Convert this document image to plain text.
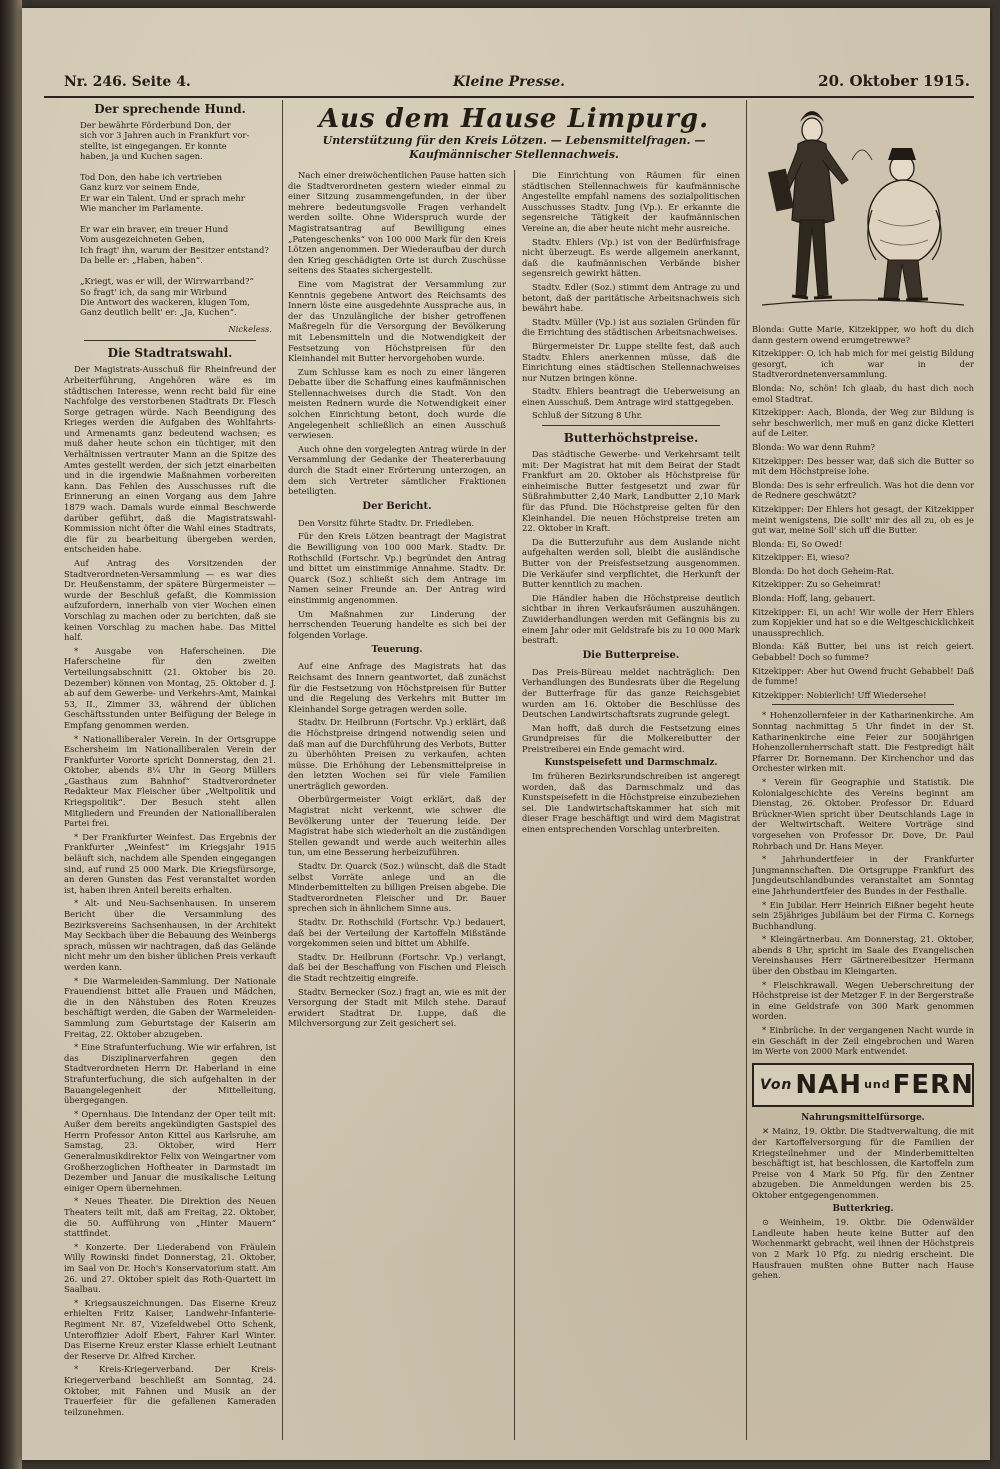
Nr. 246. Seite 4.	Kleine Presse.	20. Oktober 1915.
Der sprechende Hund.
Der bewährte Förderbund Don, der
sich vor 3 Jahren auch in Frankfurt vor-
stellte, ist eingegangen. Er konnte
haben, ja und Kuchen sagen.

Tod Don, den habe ich vertrieben
Ganz kurz vor seinem Ende,
Er war ein Talent. Und er sprach mehr
Wie mancher im Parlamente.

Er war ein braver, ein treuer Hund
Vom ausgezeichneten Geben,
Ich fragt' ihn, warum der Besitzer entstand?
Da belle er: „Haben, haben“.

„Kriegt, was er will, der Wirrwarrband?“
So fragt' ich, da sang mir Wirbund
Die Antwort des wackeren, klugen Tom,
Ganz deutlich bellt' er: „Ja, Kuchen“.
Nickeless.
Die Stadtratswahl.

Der Magistrats-Ausschuß für Rheinfreund der Arbeiterführung, Angehören wäre es im städtischen Interesse, wenn recht bald für eine Nachfolge des verstorbenen Stadtrats Dr. Flesch Sorge getragen würde. Nach Beendigung des Krieges werden die Aufgaben des Wohlfahrts- und Armenamts ganz bedeutend wachsen; es muß daher heute schon ein tüchtiger, mit den Verhältnissen vertrauter Mann an die Spitze des Amtes gestellt werden, der sich jetzt einarbeiten und in die irgendwie Maßnahmen vorbereiten kann. Das Fehlen des Ausschusses ruft die Erinnerung an einen Vorgang aus dem Jahre 1879 wach. Damals wurde einmal Beschwerde darüber geführt, daß die Magistratswahl-Kommission nicht öfter die Wahl eines Stadtrats, die für zu bearbeitung übergeben werden, entscheiden habe.

Auf Antrag des Vorsitzenden der Stadtverordneten-Versammlung — es war dies Dr. Heußenstamm, der spätere Bürgermeister — wurde der Beschluß gefaßt, die Kommission aufzufordern, innerhalb von vier Wochen einen Vorschlag zu machen oder zu berichten, daß sie keinen Vorschlag zu machen habe. Das Mittel half.

* Ausgabe von Haferscheinen. Die Haferscheine für den zweiten Verteilungsabschnitt (21. Oktober bis 20. Dezember) können von Montag, 25. Oktober d. J. ab auf dem Gewerbe- und Verkehrs-Amt, Mainkai 53, II., Zimmer 33, während der üblichen Geschäftsstunden unter Beifügung der Belege in Empfang genommen werden.

* Nationalliberaler Verein. In der Ortsgruppe Eschersheim im Nationalliberalen Verein der Frankfurter Vororte spricht Donnerstag, den 21. Oktober, abends 8¼ Uhr in Georg Müllers „Gasthaus zum Bahnhof“ Stadtverordneter Redakteur Max Fleischer über „Weltpolitik und Kriegspolitik“. Der Besuch steht allen Mitgliedern und Freunden der Nationalliberalen Partei frei.

* Der Frankfurter Weinfest. Das Ergebnis der Frankfurter „Weinfest“ im Kriegsjahr 1915 beläuft sich, nachdem alle Spenden eingegangen sind, auf rund 25 000 Mark. Die Kriegsfürsorge, an deren Gunsten das Fest veranstaltet worden ist, haben ihren Anteil bereits erhalten.

* Alt- und Neu-Sachsenhausen. In unserem Bericht über die Versammlung des Bezirksvereins Sachsenhausen, in der Architekt May Seckbach über die Bebauung des Weinbergs sprach, müssen wir nachtragen, daß das Gelände nicht mehr um den bisher üblichen Preis verkauft werden kann.

* Die Warmeleiden-Sammlung. Der Nationale Frauendienst bittet alle Frauen und Mädchen, die in den Nähstuben des Roten Kreuzes beschäftigt werden, die Gaben der Warmeleiden-Sammlung zum Geburtstage der Kaiserin am Freitag, 22. Oktober abzugeben.

* Eine Strafunterfuchung. Wie wir erfahren, ist das Disziplinarverfahren gegen den Stadtverordneten Herrn Dr. Haberland in eine Strafunterfuchung, die sich aufgehalten in der Bauangelegenheit der Mittelleitung, übergegangen.

* Opernhaus. Die Intendanz der Oper teilt mit: Außer dem bereits angekündigten Gastspiel des Herrn Professor Anton Kittel aus Karlsruhe, am Samstag, 23. Oktober, wird Herr Generalmusikdirektor Felix von Weingartner vom Großherzoglichen Hoftheater in Darmstadt im Dezember und Januar die musikalische Leitung einiger Opern übernehmen.

* Neues Theater. Die Direktion des Neuen Theaters teilt mit, daß am Freitag, 22. Oktober, die 50. Aufführung von „Hinter Mauern“ stattfindet.

* Konzerte. Der Liederabend von Fräulein Willy Rowinski findet Donnerstag, 21. Oktober, im Saal von Dr. Hoch's Konservatorium statt. Am 26. und 27. Oktober spielt das Roth-Quartett im Saalbau.

* Kriegsauszeichnungen. Das Eiserne Kreuz erhielten Fritz Kaiser, Landwehr-Infanterie-Regiment Nr. 87, Vizefeldwebel Otto Schenk, Unteroffizier Adolf Ebert, Fahrer Karl Winter. Das Eiserne Kreuz erster Klasse erhielt Leutnant der Reserve Dr. Alfred Kircher.

* Kreis-Kriegerverband. Der Kreis-Kriegerverband beschließt am Sonntag, 24. Oktober, mit Fahnen und Musik an der Trauerfeier für die gefallenen Kameraden teilzunehmen.

Aus dem Hause Limpurg.
Unterstützung für den Kreis Lötzen. — Lebensmittelfragen. —
Kaufmännischer Stellennachweis.

Nach einer dreiwöchentlichen Pause hatten sich die Stadtverordneten gestern wieder einmal zu einer Sitzung zusammengefunden, in der über mehrere bedeutungsvolle Fragen verhandelt werden sollte. Ohne Widerspruch wurde der Magistratsantrag auf Bewilligung eines „Patengeschenks“ von 100 000 Mark für den Kreis Lötzen angenommen. Der Wiederaufbau der durch den Krieg geschädigten Orte ist durch Zuschüsse seitens des Staates sichergestellt.

Eine vom Magistrat der Versammlung zur Kenntnis gegebene Antwort des Reichsamts des Innern löste eine ausgedehnte Aussprache aus, in der das Unzulängliche der bisher getroffenen Maßregeln für die Versorgung der Bevölkerung mit Lebensmitteln und die Notwendigkeit der Festsetzung von Höchstpreisen für den Kleinhandel mit Butter hervorgehoben wurde.

Zum Schlusse kam es noch zu einer längeren Debatte über die Schaffung eines kaufmännischen Stellennachweises durch die Stadt. Von den meisten Rednern wurde die Notwendigkeit einer solchen Einrichtung betont, doch wurde die Angelegenheit schließlich an einen Ausschuß verwiesen.

Auch ohne den vorgelegten Antrag würde in der Versammlung der Gedanke der Theatererbauung durch die Stadt einer Erörterung unterzogen, an dem sich Vertreter sämtlicher Fraktionen beteiligten.

Der Bericht.

Den Vorsitz führte Stadtv. Dr. Friedleben.

Für den Kreis Lötzen beantragt der Magistrat die Bewilligung von 100 000 Mark. Stadtv. Dr. Rothschild (Fortschr. Vp.) begründet den Antrag und bittet um einstimmige Annahme. Stadtv. Dr. Quarck (Soz.) schließt sich dem Antrage im Namen seiner Freunde an. Der Antrag wird einstimmig angenommen.

Um Maßnahmen zur Linderung der herrschenden Teuerung handelte es sich bei der folgenden Vorlage.

Teuerung.

Auf eine Anfrage des Magistrats hat das Reichsamt des Innern geantwortet, daß zunächst für die Festsetzung von Höchstpreisen für Butter und die Regelung des Verkehrs mit Butter im Kleinhandel Sorge getragen werden solle.

Stadtv. Dr. Heilbrunn (Fortschr. Vp.) erklärt, daß die Höchstpreise dringend notwendig seien und daß man auf die Durchführung des Verbots, Butter zu überhöhten Preisen zu verkaufen, achten müsse. Die Erhöhung der Lebensmittelpreise in den letzten Wochen sei für viele Familien unerträglich geworden.

Oberbürgermeister Voigt erklärt, daß der Magistrat nicht verkennt, wie schwer die Bevölkerung unter der Teuerung leide. Der Magistrat habe sich wiederholt an die zuständigen Stellen gewandt und werde auch weiterhin alles tun, um eine Besserung herbeizuführen.

Stadtv. Dr. Quarck (Soz.) wünscht, daß die Stadt selbst Vorräte anlege und an die Minderbemittelten zu billigen Preisen abgebe. Die Stadtverordneten Fleischer und Dr. Bauer sprechen sich in ähnlichem Sinne aus.

Stadtv. Dr. Rothschild (Fortschr. Vp.) bedauert, daß bei der Verteilung der Kartoffeln Mißstände vorgekommen seien und bittet um Abhilfe.

Stadtv. Dr. Heilbrunn (Fortschr. Vp.) verlangt, daß bei der Beschaffung von Fischen und Fleisch die Stadt rechtzeitig eingreife.

Stadtv. Bernecker (Soz.) fragt an, wie es mit der Versorgung der Stadt mit Milch stehe. Darauf erwidert Stadtrat Dr. Luppe, daß die Milchversorgung zur Zeit gesichert sei.

Die Einrichtung von Räumen für einen städtischen Stellennachweis für kaufmännische Angestellte empfahl namens des sozialpolitischen Ausschusses Stadtv. Jung (Vp.). Er erkannte die segensreiche Tätigkeit der kaufmännischen Vereine an, die aber heute nicht mehr ausreiche.

Stadtv. Ehlers (Vp.) ist von der Bedürfnisfrage nicht überzeugt. Es werde allgemein anerkannt, daß die kaufmännischen Verbände bisher segensreich gewirkt hätten.

Stadtv. Edler (Soz.) stimmt dem Antrage zu und betont, daß der paritätische Arbeitsnachweis sich bewährt habe.

Stadtv. Müller (Vp.) ist aus sozialen Gründen für die Errichtung des städtischen Arbeitsnachweises.

Bürgermeister Dr. Luppe stellte fest, daß auch Stadtv. Ehlers anerkennen müsse, daß die Einrichtung eines städtischen Stellennachweises nur Nutzen bringen könne.

Stadtv. Ehlers beantragt die Ueberweisung an einen Ausschuß. Dem Antrage wird stattgegeben.

Schluß der Sitzung 8 Uhr.

Butterhöchstpreise.

Das städtische Gewerbe- und Verkehrsamt teilt mit: Der Magistrat hat mit dem Beirat der Stadt Frankfurt am 20. Oktober als Höchstpreise für einheimische Butter festgesetzt und zwar für Süßrahmbutter 2,40 Mark, Landbutter 2,10 Mark für das Pfund. Die Höchstpreise gelten für den Kleinhandel. Die neuen Höchstpreise treten am 22. Oktober in Kraft.

Da die Butterzufuhr aus dem Auslande nicht aufgehalten werden soll, bleibt die ausländische Butter von der Preisfestsetzung ausgenommen. Die Verkäufer sind verpflichtet, die Herkunft der Butter kenntlich zu machen.

Die Händler haben die Höchstpreise deutlich sichtbar in ihren Verkaufsräumen auszuhängen. Zuwiderhandlungen werden mit Gefängnis bis zu einem Jahr oder mit Geldstrafe bis zu 10 000 Mark bestraft.

Die Butterpreise.

Das Preis-Büreau meldet nachträglich: Den Verhandlungen des Bundesrats über die Regelung der Butterfrage für das ganze Reichsgebiet wurden am 16. Oktober die Beschlüsse des Deutschen Landwirtschaftsrats zugrunde gelegt.

Man hofft, daß durch die Festsetzung eines Grundpreises für die Molkereibutter der Preistreiberei ein Ende gemacht wird.

Kunstspeisefett und Darmschmalz.

Im früheren Bezirksrundschreiben ist angeregt worden, daß das Darmschmalz und das Kunstspeisefett in die Höchstpreise einzubeziehen sei. Die Landwirtschaftskammer hat sich mit dieser Frage beschäftigt und wird dem Magistrat einen entsprechenden Vorschlag unterbreiten.

Blonda: Gutte Marie, Kitzekipper, wo hoft du dich dann gestern owend erumgetrewwe?

Kitzekipper: O, ich hab mich for mei geistig Bildung gesorgt, ich war in der Stadtverordnetenversammlung.

Blonda: No, schön! Ich glaab, du hast dich noch emol Stadtrat.

Kitzekipper: Aach, Blonda, der Weg zur Bildung is sehr beschwerlich, mer muß en ganz dicke Kletteri auf de Leiter.

Blonda: Wo war denn Ruhm?

Kitzekipper: Des besser war, daß sich die Butter so mit dem Höchstpreise lohe.

Blonda: Des is sehr erfreulich. Was hot die denn vor de Rednere geschwätzt?

Kitzekipper: Der Ehlers hot gesagt, der Kitzekipper meint wenigstens, Die sollt' mir des all zu, ob es je gut war, meine Soll' sich uff die Butter.

Blonda: Ei, So Owed!

Kitzekipper: Ei, wieso?

Blonda: Do hot doch Geheim-Rat.

Kitzekipper: Zu so Geheimrat!

Blonda: Hoff, lang, gebauert.

Kitzekipper: Ei, un ach! Wir wolle der Herr Ehlers zum Kopjekier und hat so e die Weltgeschicklichkeit unaussprechlich.

Blonda: Käß Butter, bei uns ist reich geiert. Gebabbel! Doch so fumme?

Kitzekipper: Aber hut Owend frucht Gebabbel! Daß de fumme!

Kitzekipper: Nobierlich! Uff Wiedersehe!

* Hohenzollernfeier in der Katharinenkirche. Am Sonntag nachmittag 5 Uhr findet in der St. Katharinenkirche eine Feier zur 500jährigen Hohenzollernherrschaft statt. Die Festpredigt hält Pfarrer Dr. Bornemann. Der Kirchenchor und das Orchester wirken mit.

* Verein für Geographie und Statistik. Die Kolonialgeschichte des Vereins beginnt am Dienstag, 26. Oktober. Professor Dr. Eduard Brückner-Wien spricht über Deutschlands Lage in der Weltwirtschaft. Weitere Vorträge sind vorgesehen von Professor Dr. Dove, Dr. Paul Rohrbach und Dr. Hans Meyer.

* Jahrhundertfeier in der Frankfurter Jungmannschaften. Die Ortsgruppe Frankfurt des Jungdeutschlandbundes veranstaltet am Sonntag eine Jahrhundertfeier des Bundes in der Festhalle.

* Ein Jubilar. Herr Heinrich Eißner begeht heute sein 25jähriges Jubiläum bei der Firma C. Kornegs Buchhandlung.

* Kleingärtnerbau. Am Donnerstag, 21. Oktober, abends 8 Uhr, spricht im Saale des Evangelischen Vereinshauses Herr Gärtnereibesitzer Hermann über den Obstbau im Kleingarten.

* Fleischkrawall. Wegen Ueberschreitung der Höchstpreise ist der Metzger F. in der Bergerstraße in eine Geldstrafe von 300 Mark genommen worden.

* Einbrüche. In der vergangenen Nacht wurde in ein Geschäft in der Zeil eingebrochen und Waren im Werte von 2000 Mark entwendet.

Von NAH und FERN
Nahrungsmittelfürsorge.

✕ Mainz, 19. Oktbr. Die Stadtverwaltung, die mit der Kartoffelversorgung für die Familien der Kriegsteilnehmer und der Minderbemittelten beschäftigt ist, hat beschlossen, die Kartoffeln zum Preise von 4 Mark 50 Pfg. für den Zentner abzugeben. Die Anmeldungen werden bis 25. Oktober entgegengenommen.

Butterkrieg.

⊙ Weinheim, 19. Oktbr. Die Odenwälder Landleute haben heute keine Butter auf den Wochenmarkt gebracht, weil ihnen der Höchstpreis von 2 Mark 10 Pfg. zu niedrig erscheint. Die Hausfrauen mußten ohne Butter nach Hause gehen.
